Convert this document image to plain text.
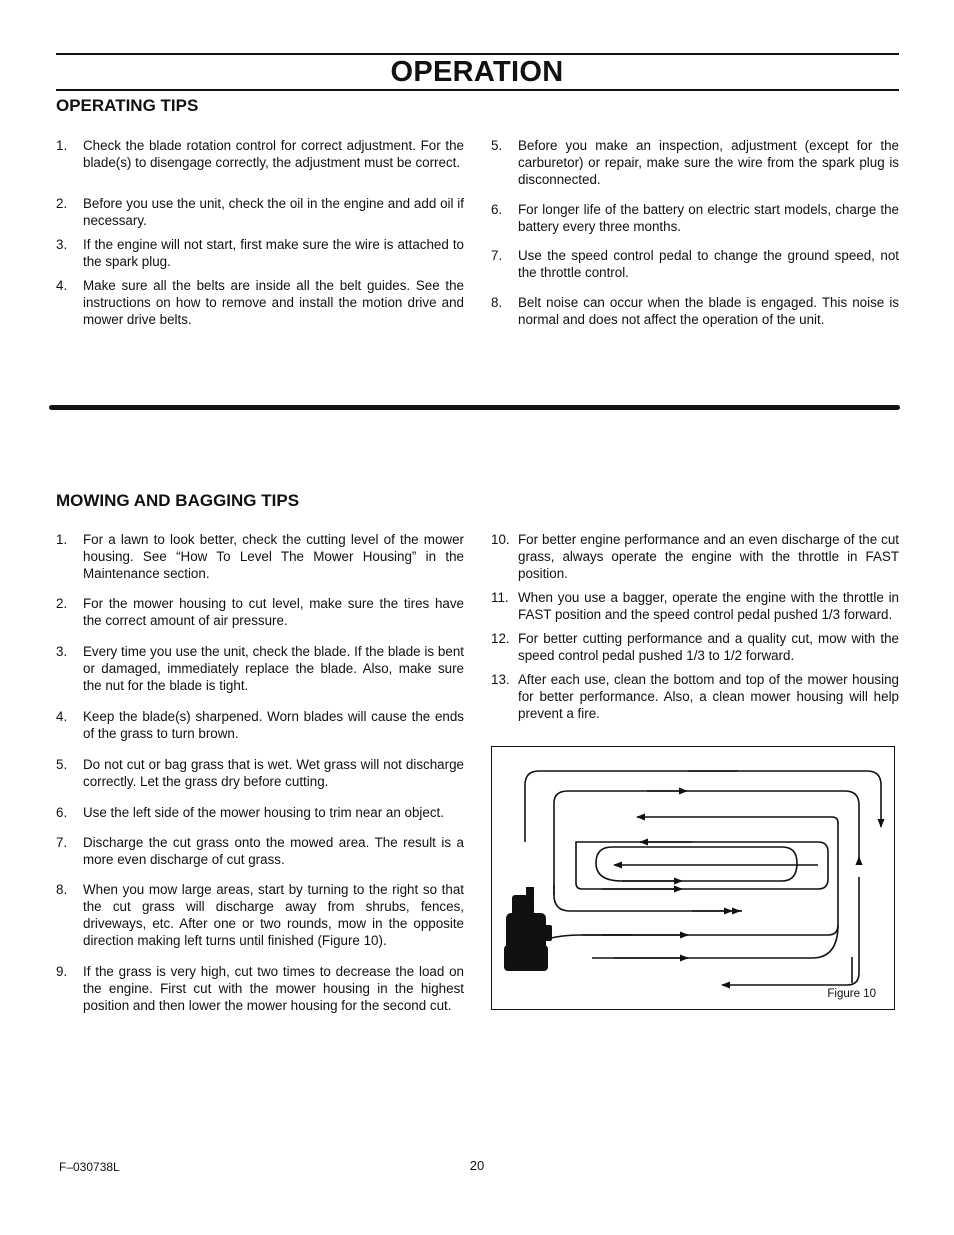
OPERATION
OPERATING TIPS
1. Check the blade rotation control for correct adjustment. For the blade(s) to disengage correctly, the adjustment must be correct.
2. Before you use the unit, check the oil in the engine and add oil if necessary.
3. If the engine will not start, first make sure the wire is attached to the spark plug.
4. Make sure all the belts are inside all the belt guides. See the instructions on how to remove and install the motion drive and mower drive belts.
5. Before you make an inspection, adjustment (except for the carburetor) or repair, make sure the wire from the spark plug is disconnected.
6. For longer life of the battery on electric start models, charge the battery every three months.
7. Use the speed control pedal to change the ground speed, not the throttle control.
8. Belt noise can occur when the blade is engaged. This noise is normal and does not affect the operation of the unit.
MOWING AND BAGGING TIPS
1. For a lawn to look better, check the cutting level of the mower housing. See “How To Level The Mower Housing” in the Maintenance section.
2. For the mower housing to cut level, make sure the tires have the correct amount of air pressure.
3. Every time you use the unit, check the blade. If the blade is bent or damaged, immediately replace the blade. Also, make sure the nut for the blade is tight.
4. Keep the blade(s) sharpened. Worn blades will cause the ends of the grass to turn brown.
5. Do not cut or bag grass that is wet. Wet grass will not discharge correctly. Let the grass dry before cutting.
6. Use the left side of the mower housing to trim near an object.
7. Discharge the cut grass onto the mowed area. The result is a more even discharge of cut grass.
8. When you mow large areas, start by turning to the right so that the cut grass will discharge away from shrubs, fences, driveways, etc. After one or two rounds, mow in the opposite direction making left turns until finished (Figure 10).
9. If the grass is very high, cut two times to decrease the load on the engine. First cut with the mower housing in the highest position and then lower the mower housing for the second cut.
10. For better engine performance and an even discharge of the cut grass, always operate the engine with the throttle in FAST position.
11. When you use a bagger, operate the engine with the throttle in FAST position and the speed control pedal pushed 1/3 forward.
12. For better cutting performance and a quality cut, mow with the speed control pedal pushed 1/3 to 1/2 forward.
13. After each use, clean the bottom and top of the mower housing for better performance. Also, a clean mower housing will help prevent a fire.
Figure 10
F–030738L	20
